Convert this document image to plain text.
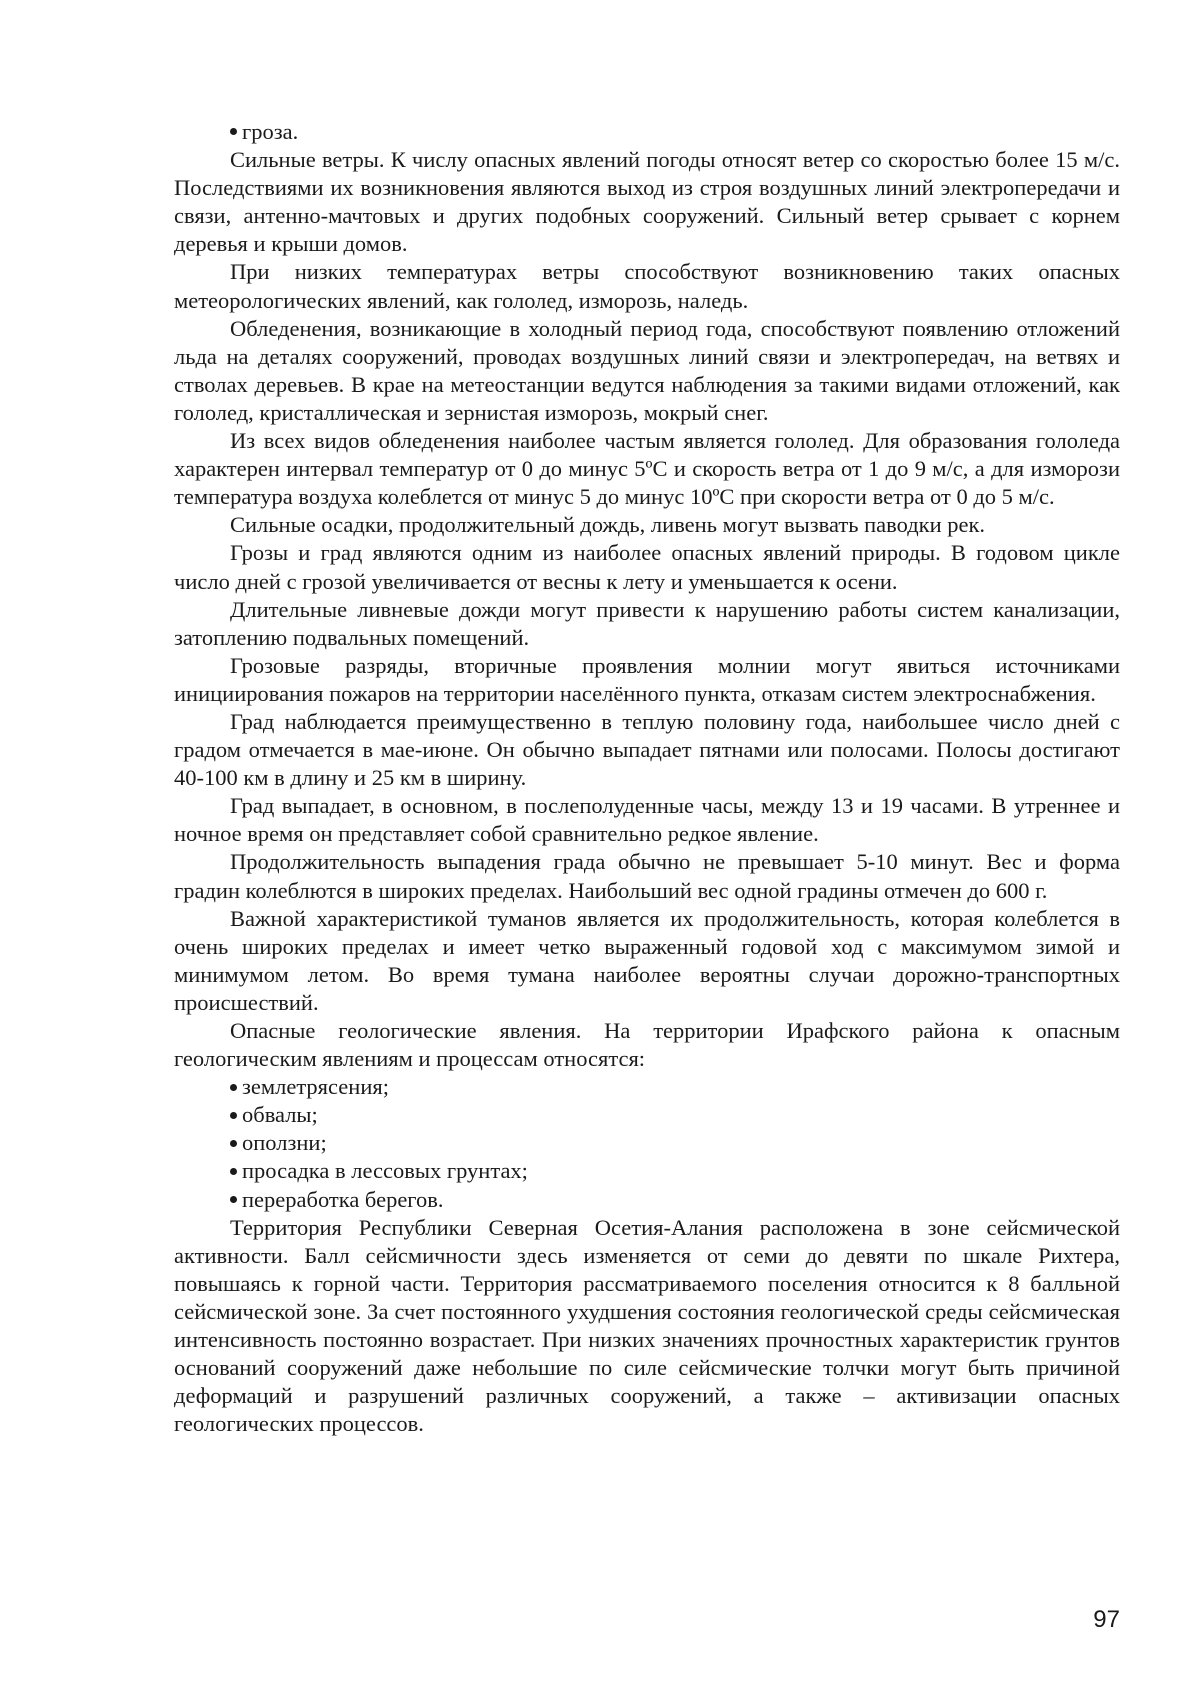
гроза.

Сильные ветры. К числу опасных явлений погоды относят ветер со скоростью более 15 м/с. Последствиями их возникновения являются выход из строя воздушных линий электропередачи и связи, антенно-мачтовых и других подобных сооружений. Сильный ветер срывает с корнем деревья и крыши домов.

При низких температурах ветры способствуют возникновению таких опасных метеорологических явлений, как гололед, изморозь, наледь.

Обледенения, возникающие в холодный период года, способствуют появлению отложений льда на деталях сооружений, проводах воздушных линий связи и электропередач, на ветвях и стволах деревьев. В крае на метеостанции ведутся наблюдения за такими видами отложений, как гололед, кристаллическая и зернистая изморозь, мокрый снег.

Из всех видов обледенения наиболее частым является гололед. Для образования гололеда характерен интервал температур от 0 до минус 5ºС и скорость ветра от 1 до 9 м/с, а для изморози температура воздуха колеблется от минус 5 до минус 10ºС при скорости ветра от 0 до 5 м/с.

Сильные осадки, продолжительный дождь, ливень могут вызвать паводки рек.

Грозы и град являются одним из наиболее опасных явлений природы. В годовом цикле число дней с грозой увеличивается от весны к лету и уменьшается к осени.

Длительные ливневые дожди могут привести к нарушению работы систем канализации, затоплению подвальных помещений.

Грозовые разряды, вторичные проявления молнии могут явиться источниками инициирования пожаров на территории населённого пункта, отказам систем электроснабжения.

Град наблюдается преимущественно в теплую половину года, наибольшее число дней с градом отмечается в мае-июне. Он обычно выпадает пятнами или полосами. Полосы достигают 40-100 км в длину и 25 км в ширину.

Град выпадает, в основном, в послеполуденные часы, между 13 и 19 часами. В утреннее и ночное время он представляет собой сравнительно редкое явление.

Продолжительность выпадения града обычно не превышает 5-10 минут. Вес и форма градин колеблются в широких пределах. Наибольший вес одной градины отмечен до 600 г.

Важной характеристикой туманов является их продолжительность, которая колеблется в очень широких пределах и имеет четко выраженный годовой ход с максимумом зимой и минимумом летом. Во время тумана наиболее вероятны случаи дорожно-транспортных происшествий.

Опасные геологические явления. На территории Ирафского района к опасным геологическим явлениям и процессам относятся:

землетрясения;

обвалы;

оползни;

просадка в лессовых грунтах;

переработка берегов.

Территория Республики Северная Осетия-Алания расположена в зоне сейсмической активности. Балл сейсмичности здесь изменяется от семи до девяти по шкале Рихтера, повышаясь к горной части. Территория рассматриваемого поселения относится к 8 балльной сейсмической зоне. За счет постоянного ухудшения состояния геологической среды сейсмическая интенсивность постоянно возрастает. При низких значениях прочностных характеристик грунтов оснований сооружений даже небольшие по силе сейсмические толчки могут быть причиной деформаций и разрушений различных сооружений, а также – активизации опасных геологических процессов.

97
